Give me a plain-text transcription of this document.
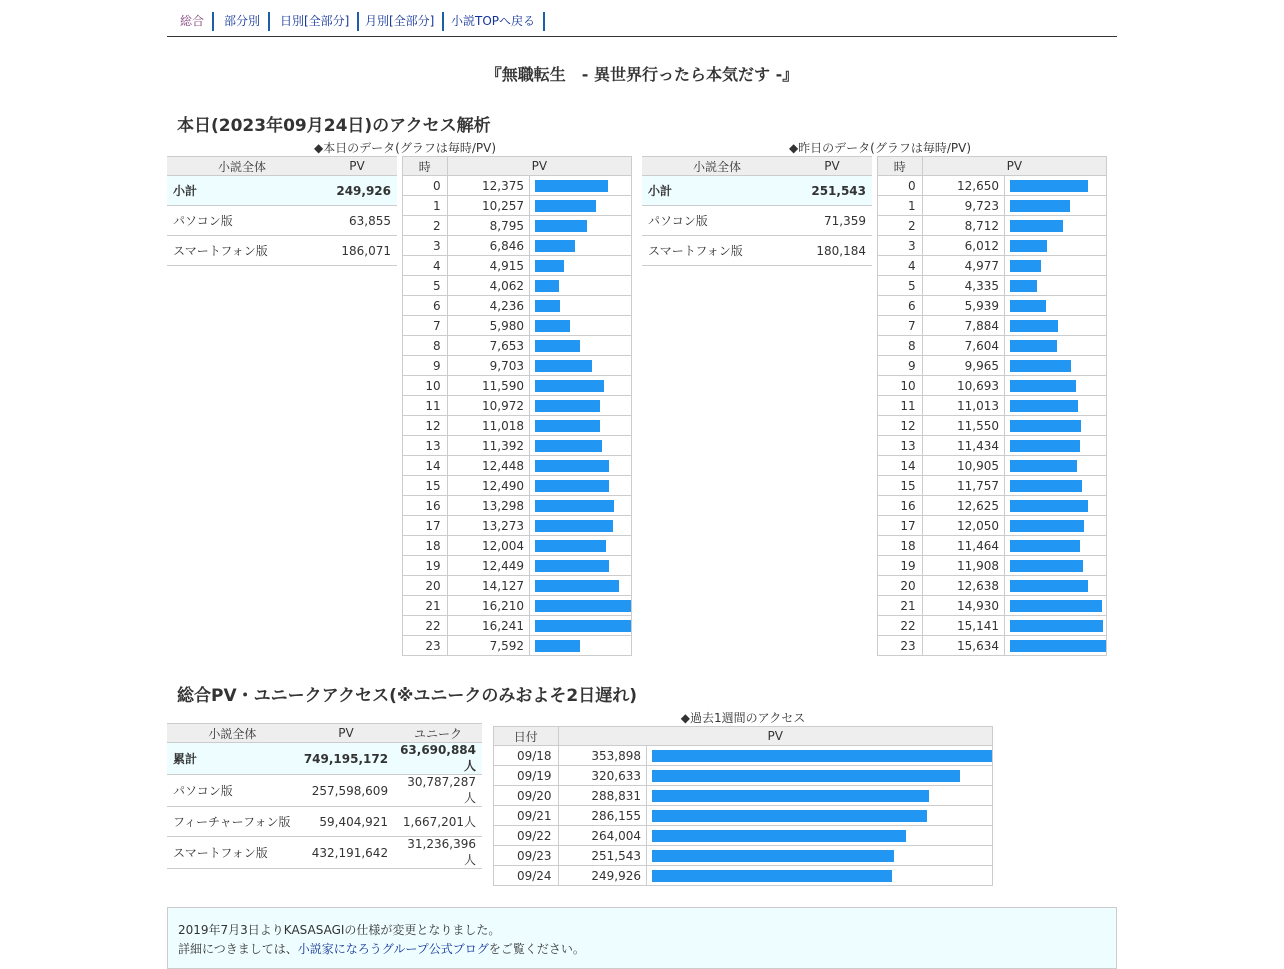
総合	部分別	日別[全部分]	月別[全部分]	小説TOPへ戻る
『無職転生　- 異世界行ったら本気だす -』
本日(2023年09月24日)のアクセス解析
◆本日のデータ(グラフは毎時/PV)	◆昨日のデータ(グラフは毎時/PV)
小説全体	PV
小計	249,926
パソコン版	63,855
スマートフォン版	186,071
時	PV	
0	12,375	

1	10,257	

2	8,795	

3	6,846	

4	4,915	

5	4,062	

6	4,236	

7	5,980	

8	7,653	

9	9,703	

10	11,590	

11	10,972	

12	11,018	

13	11,392	

14	12,448	

15	12,490	

16	13,298	

17	13,273	

18	12,004	

19	12,449	

20	14,127	

21	16,210	

22	16,241	

23	7,592	
小説全体	PV
小計	251,543
パソコン版	71,359
スマートフォン版	180,184
時	PV	
0	12,650	

1	9,723	

2	8,712	

3	6,012	

4	4,977	

5	4,335	

6	5,939	

7	7,884	

8	7,604	

9	9,965	

10	10,693	

11	11,013	

12	11,550	

13	11,434	

14	10,905	

15	11,757	

16	12,625	

17	12,050	

18	11,464	

19	11,908	

20	12,638	

21	14,930	

22	15,141	

23	15,634	
総合PV・ユニークアクセス(※ユニークのみおよそ2日遅れ)
小説全体	PV	ユニーク
累計	749,195,172	63,690,884人
パソコン版	257,598,609	30,787,287人
フィーチャーフォン版	59,404,921	1,667,201人
スマートフォン版	432,191,642	31,236,396人
◆過去1週間のアクセス
日付	PV	
09/18	353,898	

09/19	320,633	

09/20	288,831	

09/21	286,155	

09/22	264,004	

09/23	251,543	

09/24	249,926	

2019年7月3日よりKASASAGIの仕様が変更となりました。

詳細につきましては、小説家になろうグループ公式ブログをご覧ください。
